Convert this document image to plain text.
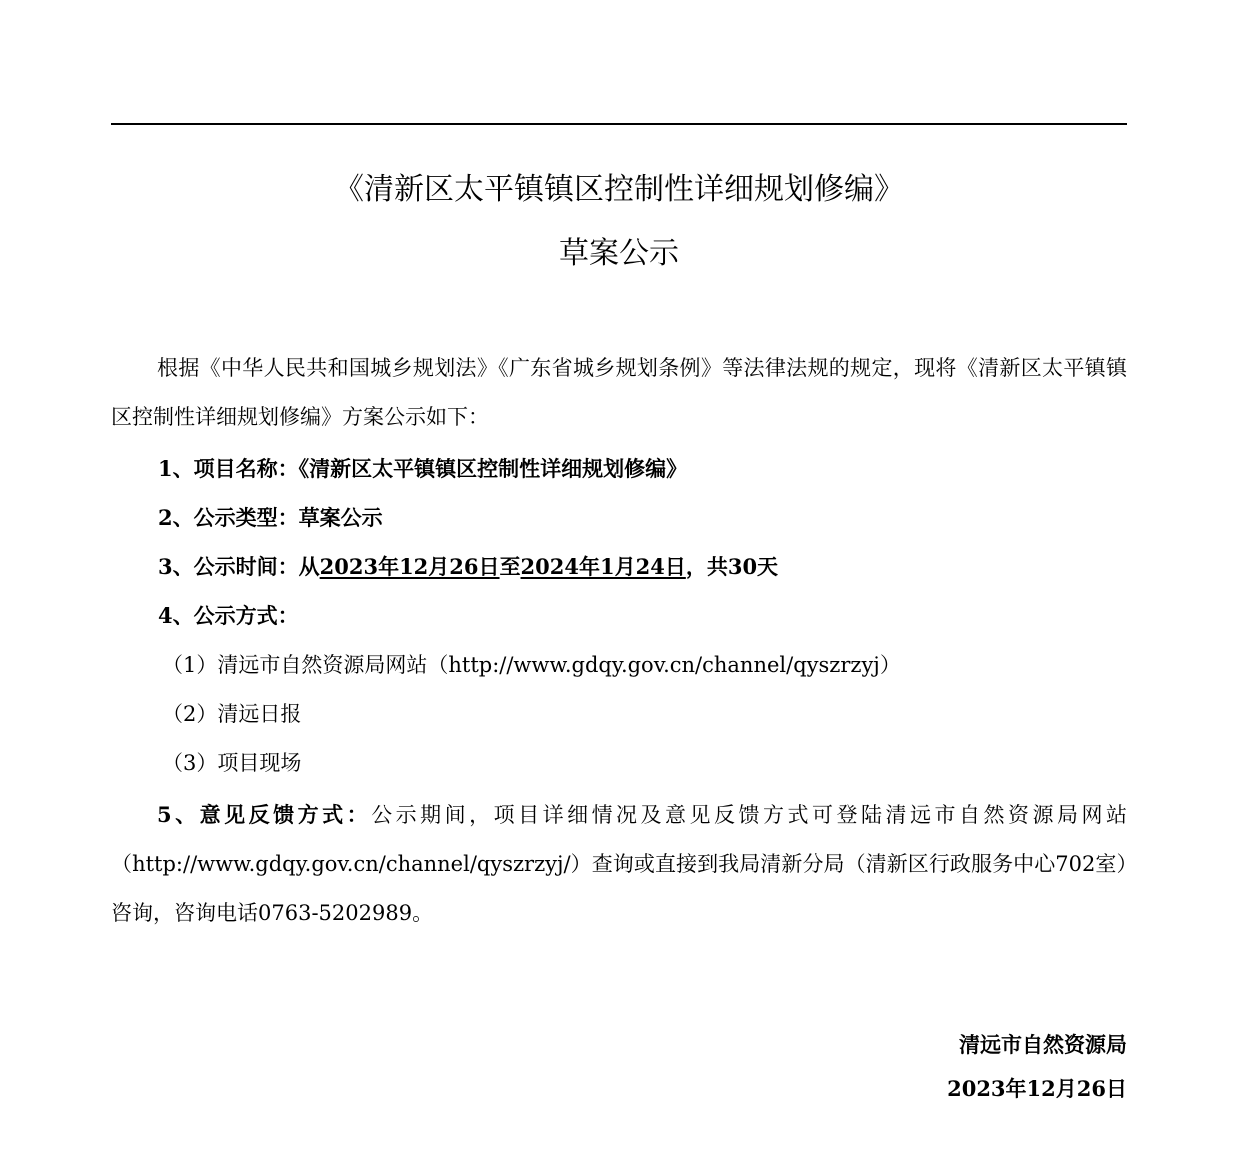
《清新区太平镇镇区控制性详细规划修编》
草案公示
根据《中华人民共和国城乡规划法》《广东省城乡规划条例》等法律法规的规定，现将《清新区太平镇镇区控制性详细规划修编》方案公示如下：
1、项目名称：《清新区太平镇镇区控制性详细规划修编》
2、公示类型：草案公示
3、公示时间：从2023年12月26日至2024年1月24日，共30天
4、公示方式：
（1）清远市自然资源局网站（http://www.gdqy.gov.cn/channel/qyszrzyj）
（2）清远日报
（3）项目现场
5、意见反馈方式：公示期间，项目详细情况及意见反馈方式可登陆清远市自然资源局网站（http://www.gdqy.gov.cn/channel/qyszrzyj/）查询或直接到我局清新分局（清新区行政服务中心702室）咨询，咨询电话0763-5202989。
清远市自然资源局
2023年12月26日
